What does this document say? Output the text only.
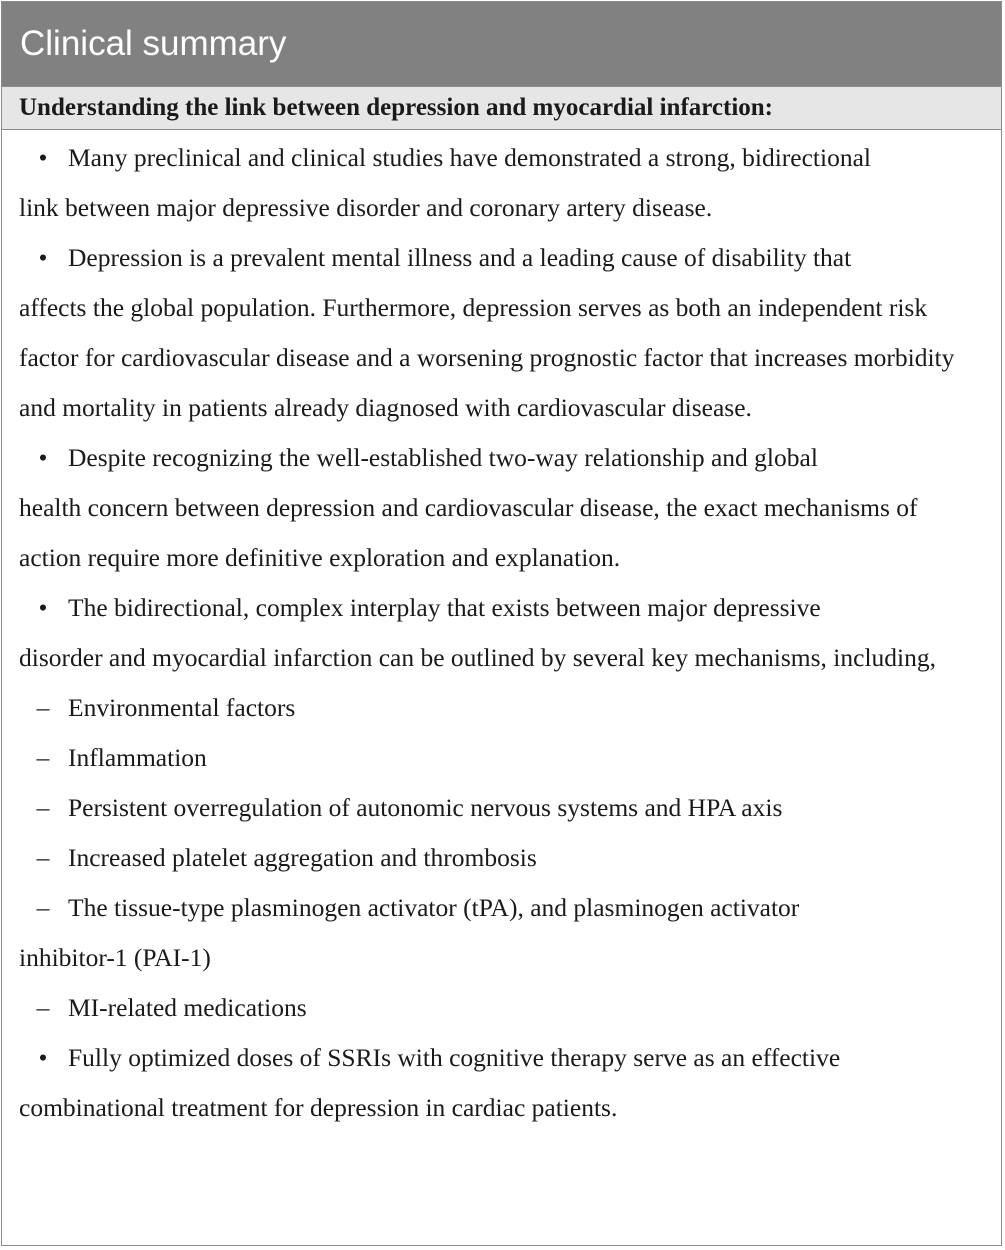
Clinical summary
Understanding the link between depression and myocardial infarction:

• Many preclinical and clinical studies have demonstrated a strong, bidirectional
link between major depressive disorder and coronary artery disease.

• Depression is a prevalent mental illness and a leading cause of disability that
affects the global population. Furthermore, depression serves as both an independent risk factor for cardiovascular disease and a worsening prognostic factor that increases morbidity and mortality in patients already diagnosed with cardiovascular disease.

• Despite recognizing the well-established two-way relationship and global
health concern between depression and cardiovascular disease, the exact mechanisms of action require more definitive exploration and explanation.

• The bidirectional, complex interplay that exists between major depressive
disorder and myocardial infarction can be outlined by several key mechanisms, including,

– Environmental factors

– Inflammation

– Persistent overregulation of autonomic nervous systems and HPA axis

– Increased platelet aggregation and thrombosis

– The tissue-type plasminogen activator (tPA), and plasminogen activator
inhibitor-1 (PAI-1)

– MI-related medications

• Fully optimized doses of SSRIs with cognitive therapy serve as an effective
combinational treatment for depression in cardiac patients.
